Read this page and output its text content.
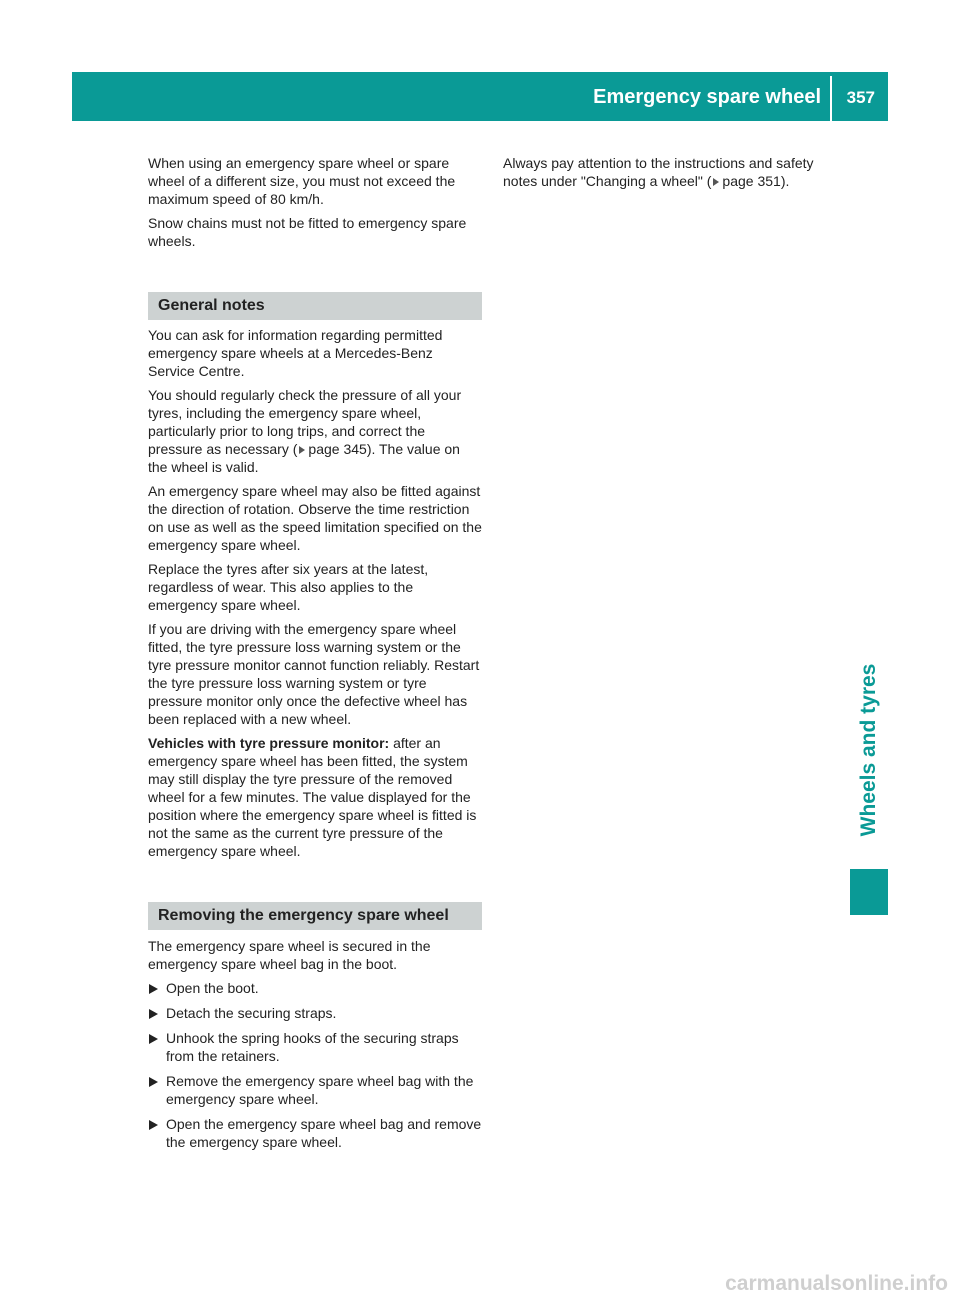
Emergency spare wheel 357
Wheels and tyres

When using an emergency spare wheel or spare wheel of a different size, you must not exceed the maximum speed of 80 km/h.

Snow chains must not be fitted to emergency spare wheels.

General notes

You can ask for information regarding permitted emergency spare wheels at a Mercedes-Benz Service Centre.

You should regularly check the pressure of all your tyres, including the emergency spare wheel, particularly prior to long trips, and correct the pressure as necessary ( page 345). The value on the wheel is valid.

An emergency spare wheel may also be fitted against the direction of rotation. Observe the time restriction on use as well as the speed limitation specified on the emergency spare wheel.

Replace the tyres after six years at the latest, regardless of wear. This also applies to the emergency spare wheel.

If you are driving with the emergency spare wheel fitted, the tyre pressure loss warning system or the tyre pressure monitor cannot function reliably. Restart the tyre pressure loss warning system or tyre pressure monitor only once the defective wheel has been replaced with a new wheel.

Vehicles with tyre pressure monitor: after an emergency spare wheel has been fitted, the system may still display the tyre pressure of the removed wheel for a few minutes. The value displayed for the position where the emergency spare wheel is fitted is not the same as the current tyre pressure of the emergency spare wheel.

Removing the emergency spare wheel

The emergency spare wheel is secured in the emergency spare wheel bag in the boot.

Open the boot.
Detach the securing straps.
Unhook the spring hooks of the securing straps from the retainers.
Remove the emergency spare wheel bag with the emergency spare wheel.
Open the emergency spare wheel bag and remove the emergency spare wheel.

Always pay attention to the instructions and safety notes under "Changing a wheel" ( page 351).

carmanualsonline.info
